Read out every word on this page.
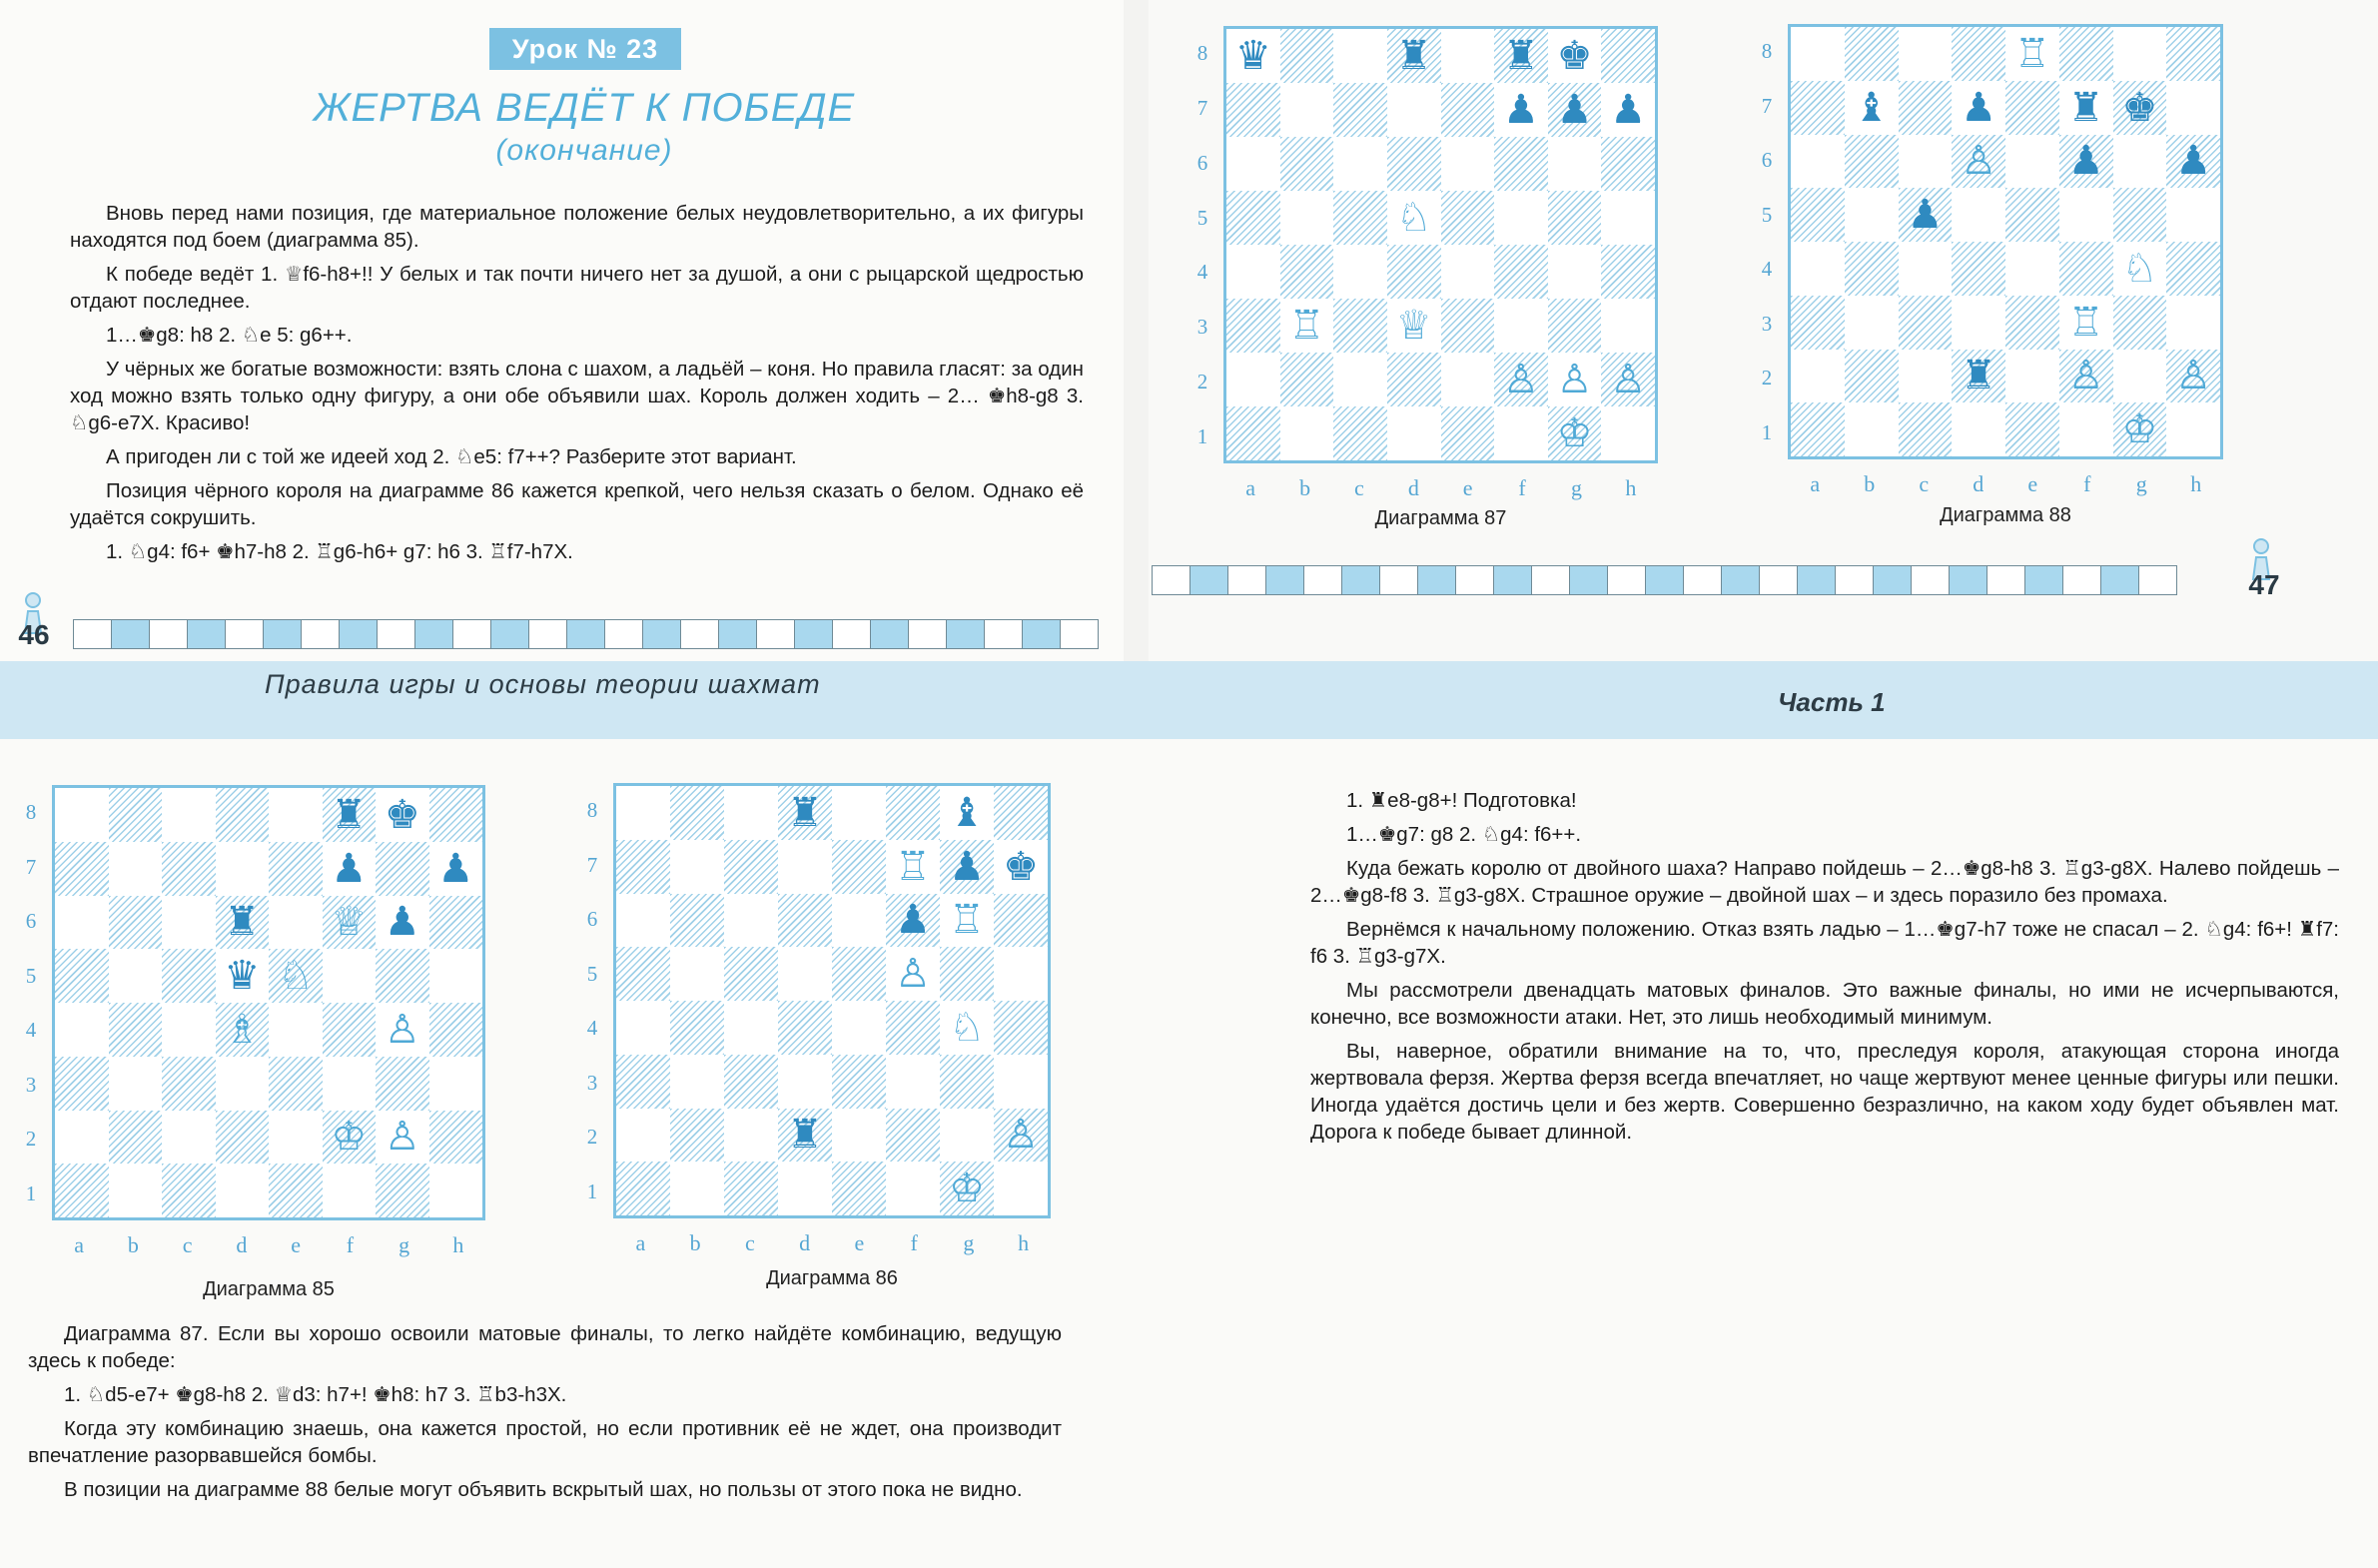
Урок № 23
ЖЕРТВА ВЕДЁТ К ПОБЕДЕ
(окончание)

Вновь перед нами позиция, где материальное положение белых неудовлетворительно, а их фигуры находятся под боем (диаграмма 85).

К победе ведёт 1. ♕f6-h8+!! У белых и так почти ничего нет за душой, а они с рыцарской щедростью отдают последнее.

1…♚g8: h8 2. ♘e 5: g6++.

У чёрных же богатые возможности: взять слона с шахом, а ладьёй – коня. Но правила гласят: за один ход можно взять только одну фигуру, а они обе объявили шах. Король должен ходить – 2… ♚h8-g8 3. ♘g6-e7X. Красиво!

А пригоден ли с той же идеей ход 2. ♘e5: f7++? Разберите этот вариант.

Позиция чёрного короля на диаграмме 86 кажется крепкой, чего нельзя сказать о белом. Однако её удаётся сокрушить.

1. ♘g4: f6+ ♚h7-h8 2. ♖g6-h6+ g7: h6 3. ♖f7-h7X.

46
♛	♜ ♜ ♚
♟ ♟ ♟
♘
♖ ♕
♙ ♙ ♙
♔
8
7
6
5
4
3
2
1
a	b	c	d	e	f	g	h
Диаграмма 87
♖
♝ ♟ ♜ ♚
♙ ♟ ♟
♟
♘
♖
♜ ♙ ♙
♔
8
7
6
5
4
3
2
1
a	b	c	d	e	f	g	h
Диаграмма 88
47
Правила игры и основы теории шахмат
Часть 1
♜ ♚
♟ ♟
♜ ♕ ♟
♛ ♘
♗	♙
♔ ♙
8
7
6
5
4
3
2
1
a	b	c	d	e	f	g	h
Диаграмма 85
♜	♝
♖ ♟ ♚
♟ ♖
♙
♘
♜	♙
♔
8
7
6
5
4
3
2
1
a	b	c	d	e	f	g	h
Диаграмма 86

1. ♜e8-g8+! Подготовка!

1…♚g7: g8 2. ♘g4: f6++.

Куда бежать королю от двойного шаха? Направо пойдешь – 2…♚g8-h8 3. ♖g3-g8X. Налево пойдешь – 2…♚g8-f8 3. ♖g3-g8X. Страшное оружие – двойной шах – и здесь поразило без промаха.

Вернёмся к начальному положению. Отказ взять ладью – 1…♚g7-h7 тоже не спасал – 2. ♘g4: f6+! ♜f7: f6 3. ♖g3-g7X.

Мы рассмотрели двенадцать матовых финалов. Это важные финалы, но ими не исчерпываются, конечно, все возможности атаки. Нет, это лишь необходимый минимум.

Вы, наверное, обратили внимание на то, что, преследуя короля, атакующая сторона иногда жертвовала ферзя. Жертва ферзя всегда впечатляет, но чаще жертвуют менее ценные фигуры или пешки. Иногда удаётся достичь цели и без жертв. Совершенно безразлично, на каком ходу будет объявлен мат. Дорога к победе бывает длинной.

Диаграмма 87. Если вы хорошо освоили матовые финалы, то легко найдёте комбинацию, ведущую здесь к победе:

1. ♘d5-e7+ ♚g8-h8 2. ♕d3: h7+! ♚h8: h7 3. ♖b3-h3X.

Когда эту комбинацию знаешь, она кажется простой, но если противник её не ждет, она производит впечатление разорвавшейся бомбы.

В позиции на диаграмме 88 белые могут объявить вскрытый шах, но пользы от этого пока не видно.
